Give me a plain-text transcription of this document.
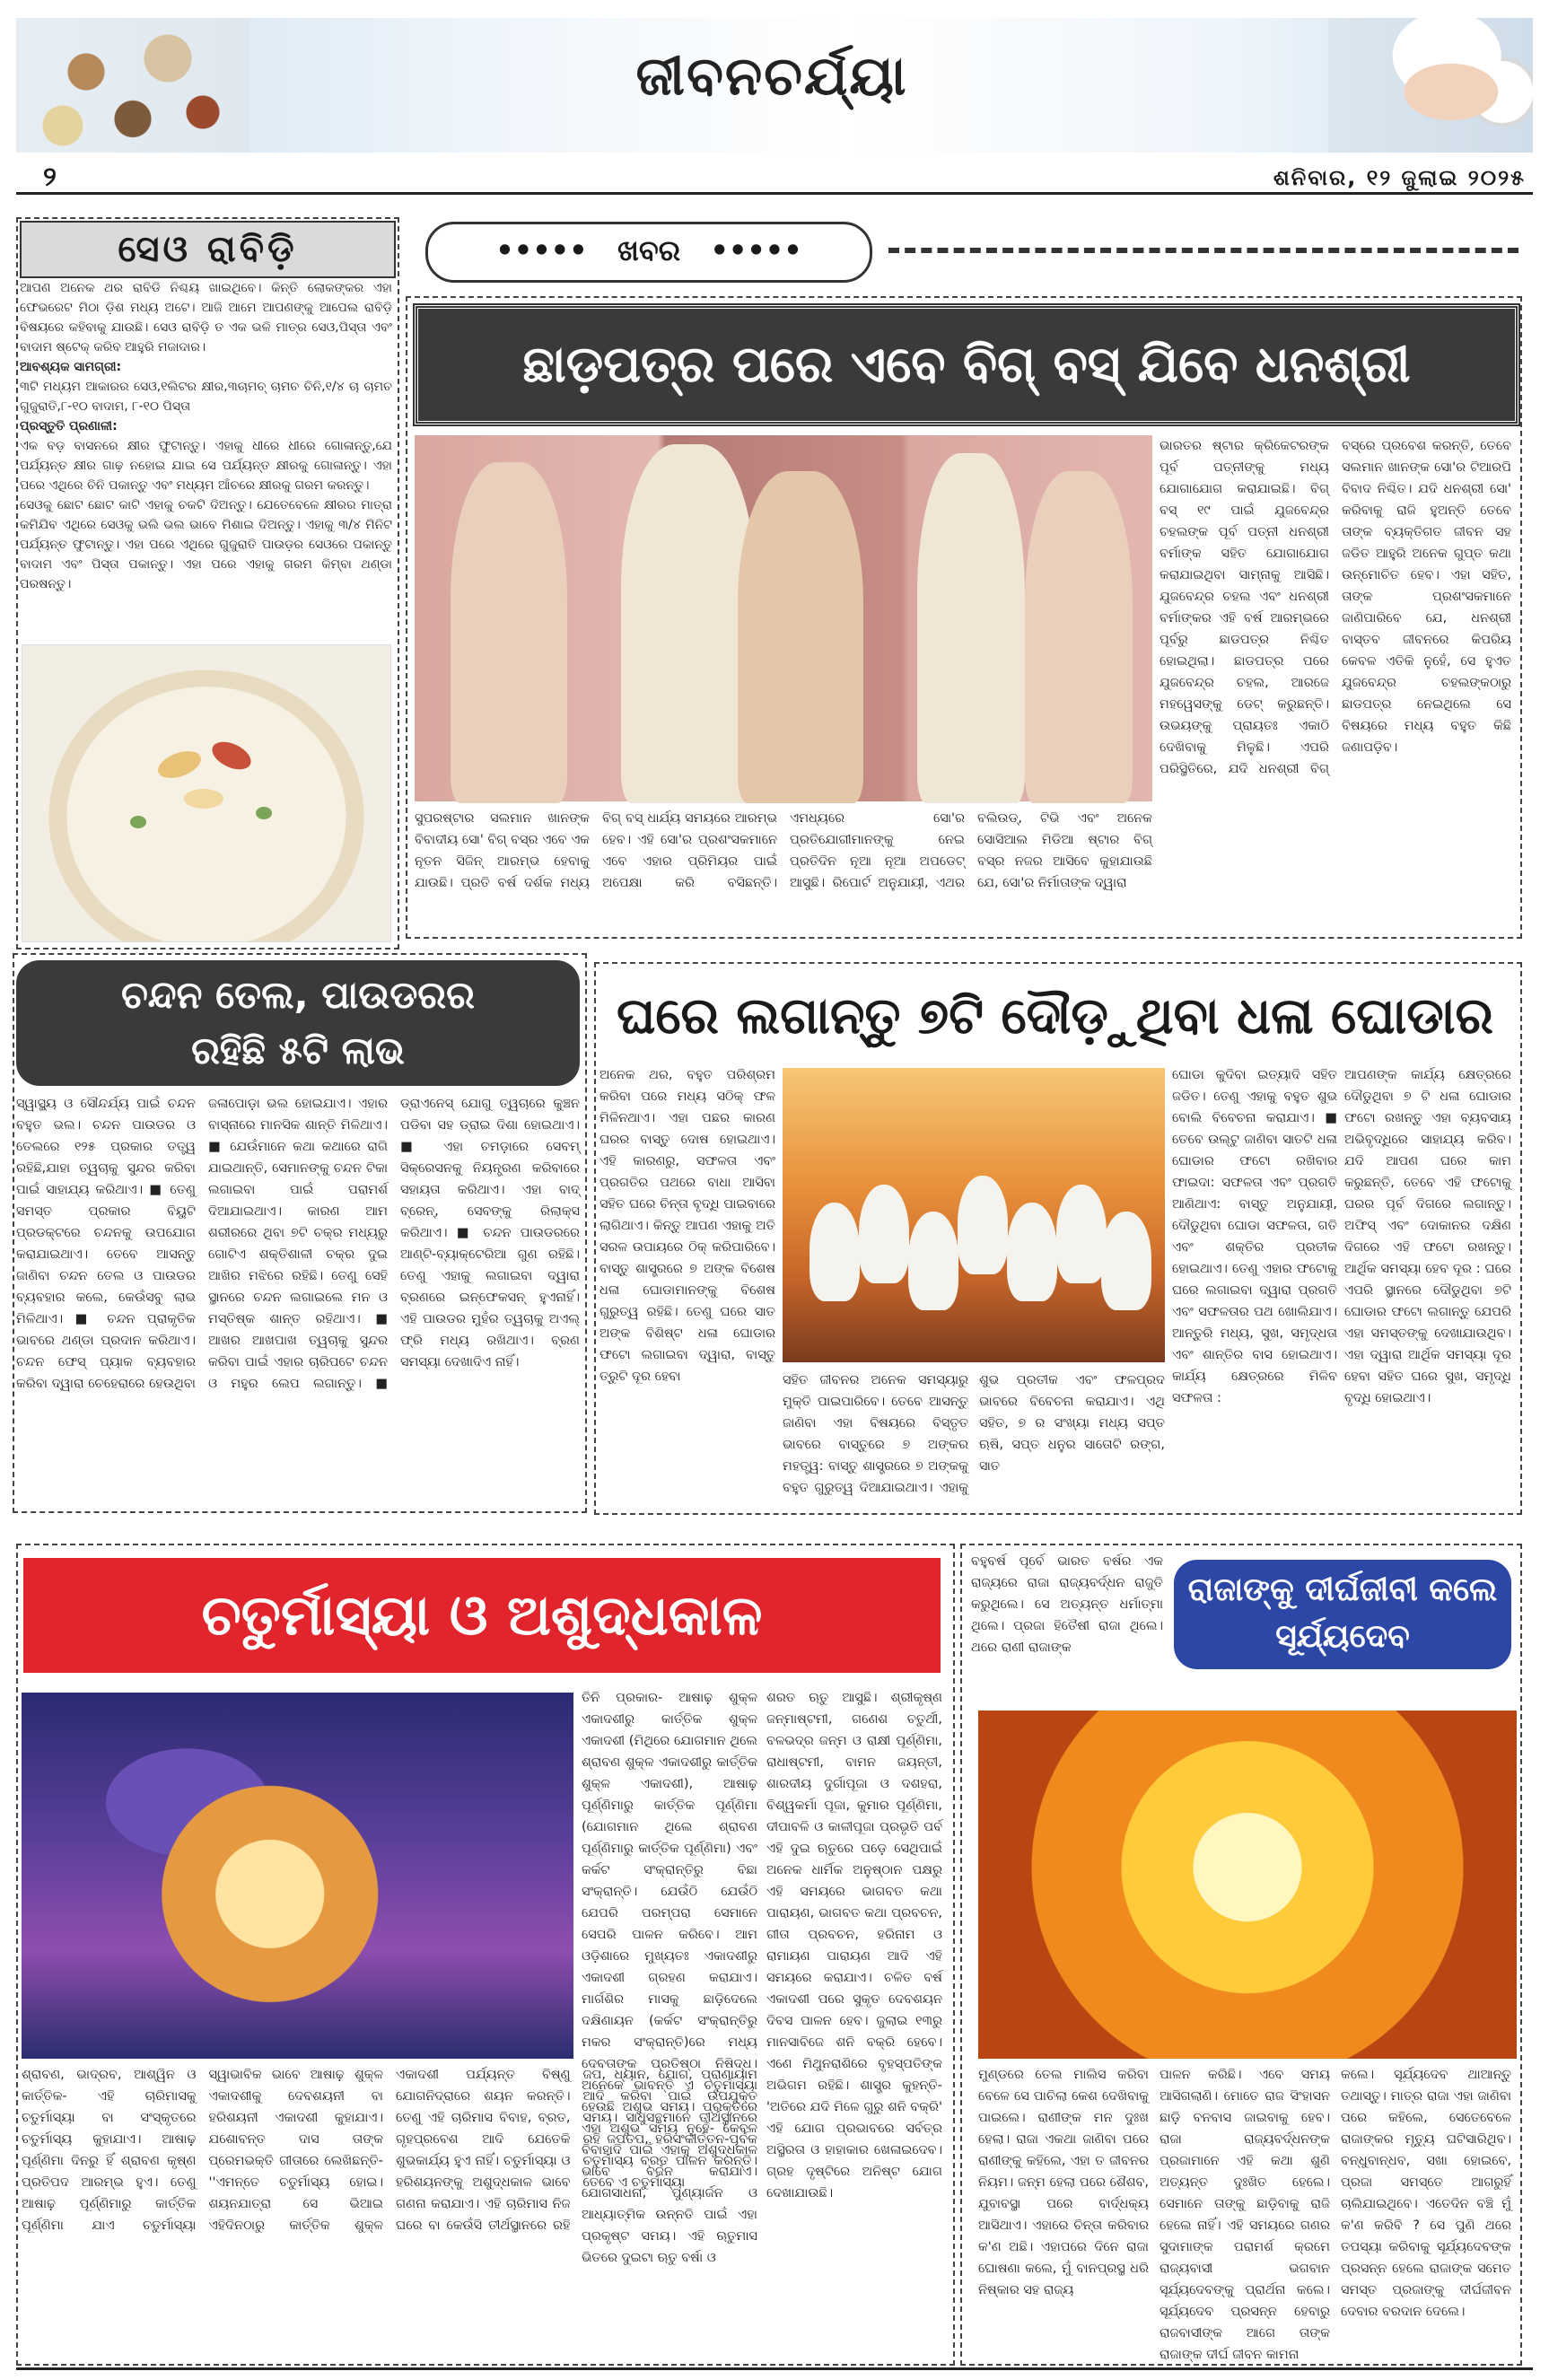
ଜୀବନଚର୍ଯ୍ୟା
୨	ଶନିବାର, ୧୨ ଜୁଲାଇ ୨୦୨୫
ସେଓ ରାବିଡ଼ି

ଆପଣ ଅନେକ ଥର ରାବିଡି ନିଶ୍ଚୟ ଖାଇଥିବେ। କିନ୍ତି ଲୋକଙ୍କର ଏହା ଫେଭରେଟ ମିଠା ଡ଼ିଶ ମଧ୍ୟ ଅଟେ। ଆଜି ଆମେ ଆପଣଙ୍କୁ ଆପେଲ ରାବିଡ଼ି ବିଷୟରେ କହିବାକୁ ଯାଉଛି। ସେଓ ରାବିଡ଼ି ତ ଏକ ଭଳି ମାତ୍ର ସେଓ,ପିସ୍ତା ଏବଂ ବାଦାମ ଷ୍ଟେକ୍ କରିବ ଆହୁରି ମଜାଦାର।

ଆବଶ୍ୟକ ସାମଗ୍ରୀ:

୩ଟି ମଧ୍ୟମ ଆକାରର ସେଓ,୧ଲିଟର କ୍ଷୀର,୩ଚାମଚ୍ ଚାମଚ ଚିନି,୧/୪ ଚା ଚାମଚ ଗୁଜୁରାତି,୮-୧୦ ବାଦାମ, ୮-୧୦ ପିସ୍ତା

ପ୍ରସ୍ତୁତି ପ୍ରଣାଳୀ:

ଏକ ବଡ଼ ବାସନରେ କ୍ଷୀର ଫୁଟାନ୍ତୁ। ଏହାକୁ ଧୀରେ ଧୀରେ ଗୋଳାନ୍ତୁ,ଯେ ପର୍ଯ୍ୟନ୍ତ କ୍ଷୀର ଗାଢ଼ ନହୋଇ ଯାଇ ସେ ପର୍ଯ୍ୟନ୍ତ କ୍ଷୀରକୁ ଗୋଳାନ୍ତୁ। ଏହା ପରେ ଏଥିରେ ଚିନି ପକାନ୍ତୁ ଏବଂ ମଧ୍ୟମ ଆଁଚରେ କ୍ଷୀରକୁ ଗରମ କରନ୍ତୁ।

ସେଓକୁ ଛୋଟ ଛୋଟ କାଟି ଏହାକୁ ଚକଟି ଦିଅନ୍ତୁ। ଯେତେବେଳେ କ୍ଷୀରର ମାତ୍ରା କମିଯିବ ଏଥିରେ ସେଓକୁ ଭଲି ଭଲ ଭାବେ ମିଶାଇ ଦିଅନ୍ତୁ। ଏହାକୁ ୩/୪ ମିନିଟ ପର୍ଯ୍ୟନ୍ତ ଫୁଟାନ୍ତୁ। ଏହା ପରେ ଏଥିରେ ଗୁଜୁରାତି ପାଉଡ଼ର ସେଓରେ ପକାନ୍ତୁ ବାଦାମ ଏବଂ ପିସ୍ତା ପକାନ୍ତୁ। ଏହା ପରେ ଏହାକୁ ଗରମ କିମ୍ବା ଥଣ୍ଡା ପରଷନ୍ତୁ।

••••• ଖବର •••••
ଛାଡ଼ପତ୍ର ପରେ ଏବେ ବିଗ୍ ବସ୍ ଯିବେ ଧନଶ୍ରୀ
ସୁପରଷ୍ଟାର ସଲମାନ ଖାନଙ୍କ ବିବାଦୀୟ ସୋ' ବିଗ୍ ବସ୍‌ର ଏବେ ଏକ ନୂତନ ସିଜିନ୍ ଆରମ୍ଭ ହେବାକୁ ଯାଉଛି। ପ୍ରତି ବର୍ଷ ଦର୍ଶକ ମଧ୍ୟ ବିଗ୍ ବସ୍ ଧାର୍ଯ୍ୟ ସମୟରେ ଆରମ୍ଭ ହେବ। ଏହି ସୋ'ର ପ୍ରଶଂସକମାନେ ଏବେ ଏହାର ପ୍ରିମିୟର ପାଇଁ ଅପେକ୍ଷା କରି ବସିଛନ୍ତି। ଏମଧ୍ୟରେ ସୋ'ର ପ୍ରତିଯୋଗୀମାନଙ୍କୁ ନେଇ ପ୍ରତିଦିନ ନୂଆ ନୂଆ ଅପଡେଟ୍ ଆସୁଛି। ରିପୋର୍ଟ ଅନୁଯାୟୀ, ଏଥର ବଲିଉଡ୍, ଟିଭି ଏବଂ ଅନେକ ସୋସିଆଲ ମିଡିଆ ଷ୍ଟାର ବିଗ୍ ବସ୍‌ର ନଜର ଆସିବେ କୁହାଯାଉଛି ଯେ, ସୋ'ର ନିର୍ମାତାଙ୍କ ଦ୍ୱାରା
ଭାରତର ଷ୍ଟାର କ୍ରିକେଟରଙ୍କ ପୂର୍ବ ପତ୍ନୀଙ୍କୁ ମଧ୍ୟ ଯୋଗାଯୋଗ କରାଯାଇଛି। ବିଗ୍ ବସ୍ ୧୯ ପାଇଁ ଯୁଜବେନ୍ଦ୍ର ଚହଲଙ୍କ ପୂର୍ବ ପତ୍ନୀ ଧନଶ୍ରୀ ବର୍ମାଙ୍କ ସହିତ ଯୋଗାଯୋଗ କରାଯାଇଥିବା ସାମ୍ନାକୁ ଆସିଛି। ଯୁଜବେନ୍ଦ୍ର ଚହଲ ଏବଂ ଧନଶ୍ରୀ ବର୍ମାଙ୍କର ଏହି ବର୍ଷ ଆରମ୍ଭରେ ପୂର୍ବରୁ ଛାଡପତ୍ର ନିଶ୍ଚିତ ହୋଇଥିଲା। ଛାଡପତ୍ର ପରେ ଯୁଜବେନ୍ଦ୍ର ଚହଲ, ଆରଜେ ମହୱେସଙ୍କୁ ଡେଟ୍ କରୁଛନ୍ତି। ଉଭୟଙ୍କୁ ପ୍ରାୟତଃ ଏକାଠି ଦେଖିବାକୁ ମିଳୁଛି। ଏପରି ପରିସ୍ଥିତିରେ, ଯଦି ଧନଶ୍ରୀ ବିଗ୍ ବସ୍‌ରେ ପ୍ରବେଶ କରନ୍ତି, ତେବେ ସଲମାନ ଖାନଙ୍କ ସୋ'ର ଟିଆରପି ବିବାଦ ନିଶ୍ଚିତ। ଯଦି ଧନଶ୍ରୀ ସୋ' କରିବାକୁ ରାଜି ହୁଅନ୍ତି ତେବେ ତାଙ୍କ ବ୍ୟକ୍ତିଗତ ଜୀବନ ସହ ଜଡିତ ଆହୁରି ଅନେକ ଗୁପ୍ତ କଥା ଉନ୍ମୋଚିତ ହେବ। ଏହା ସହିତ, ତାଙ୍କ ପ୍ରଶଂସକମାନେ ଜାଣିପାରିବେ ଯେ, ଧନଶ୍ରୀ ବାସ୍ତବ ଜୀବନରେ କିପରିୟ କେବଳ ଏତିକି ନୁହେଁ, ସେ ହୁଏତ ଯୁଜବେନ୍ଦ୍ର ଚହଲଙ୍କଠାରୁ ଛାଡପତ୍ର ନେଇଥିଲେ ସେ ବିଷୟରେ ମଧ୍ୟ ବହୁତ କିଛି ଜଣାପଡ଼ିବ।
ଚନ୍ଦନ ତେଲ, ପାଉଡରର
ରହିଛି ୫ଟି ଲାଭ
ସ୍ୱାସ୍ଥ୍ୟ ଓ ସୌନ୍ଦର୍ଯ୍ୟ ପାଇଁ ଚନ୍ଦନ ବହୁତ ଭଲ। ଚନ୍ଦନ ପାଉଡର ଓ ତେଲରେ ୧୨୫ ପ୍ରକାର ତତ୍ତ୍ୱ ରହିଛି,ଯାହା ତ୍ୱଚାକୁ ସୁନ୍ଦର କରିବା ପାଇଁ ସାହାଯ୍ୟ କରିଥାଏ। ■ ତେଣୁ ସମସ୍ତ ପ୍ରକାର ବିୟୁଟି ପ୍ରଡକ୍ଟରେ ଚନ୍ଦନକୁ ଉପଯୋଗ କରାଯାଇଥାଏ। ତେବେ ଆସନ୍ତୁ ଜାଣିବା ଚନ୍ଦନ ତେଲ ଓ ପାଉଡର ବ୍ୟବହାର କଲେ, କେଉଁସବୁ ଲାଭ ମିଳିଥାଏ। ■ ଚନ୍ଦନ ପ୍ରାକୃତିକ ଭାବରେ ଥଣ୍ଡା ପ୍ରଦାନ କରିଥାଏ। ଚନ୍ଦନ ଫେସ୍ ପ୍ୟାକ ବ୍ୟବହାର କରିବା ଦ୍ୱାରା ଚେହେରାରେ ହେଉଥିବା ଜଳାପୋଡ଼ା ଭଲ ହୋଇଯାଏ। ଏହାର ବାସ୍ନାରେ ମାନସିକ ଶାନ୍ତି ମିଳିଥାଏ। ■ ଯେଉଁମାନେ କଥା କଥାରେ ରାଗି ଯାଇଥାନ୍ତି, ସେମାନଙ୍କୁ ଚନ୍ଦନ ଟିକା ଲଗାଇବା ପାଇଁ ପରାମର୍ଶ ଦିଆଯାଇଥାଏ। କାରଣ ଆମ ଶରୀରରେ ଥିବା ୭ଟି ଚକ୍ର ମଧ୍ୟରୁ ଗୋଟିଏ ଶକ୍ତିଶାଳୀ ଚକ୍ର ଦୁଇ ଆଖିର ମଝିରେ ରହିଛି। ତେଣୁ ସେହି ସ୍ଥାନରେ ଚନ୍ଦନ ଲଗାଇଲେ ମନ ଓ ମସ୍ତିଷ୍କ ଶାନ୍ତ ରହିଥାଏ। ■ ଆଖର ଆଖପାଖ ତ୍ୱଚାକୁ ସୁନ୍ଦର କରିବା ପାଇଁ ଏହାର ଚାରିପଟେ ଚନ୍ଦନ ଓ ମହୁର ଲେପ ଲଗାନ୍ତୁ। ■ ଡ୍ରାଏନେସ୍ ଯୋଗୁ ତ୍ୱଚାରେ କୁଞ୍ଚନ ପଡିବା ସହ ଡ୍ରାଇ ଦିଶା ହୋଇଥାଏ। ■ ଏହା ଚମଡ଼ାରେ ସେବମ୍ ସିକ୍ରେସନକୁ ନିୟନ୍ତ୍ରଣ କରିବାରେ ସହାୟତା କରିଥାଏ। ଏହା ବାଦ୍ ବ୍ରେନ୍, ସେବଙ୍କୁ ରିଲାକ୍ସ କରିଥାଏ। ■ ଚନ୍ଦନ ପାଉଡରରେ ଆଣ୍ଟି-ବ୍ୟାକ୍ଟେରିଆ ଗୁଣ ରହିଛି। ତେଣୁ ଏହାକୁ ଲଗାଇବା ଦ୍ୱାରା ବ୍ରଣରେ ଇନ୍ଫେକସନ୍ ହୁଏନାହିଁ। ଏହି ପାଉଡର ମୁହଁର ତ୍ୱଚାକୁ ଅଏଲ୍ ଫ୍ରି ମଧ୍ୟ ରଖିଥାଏ। ବ୍ରଣ ସମସ୍ୟା ଦେଖାଦିଏ ନାହିଁ।
ଘରେ ଲଗାନ୍ତୁ ୭ଟି ଦୌଡ଼ୁଥିବା ଧଳା ଘୋଡାର
ଅନେକ ଥର, ବହୁତ ପରିଶ୍ରମ କରିବା ପରେ ମଧ୍ୟ ସଠିକ୍ ଫଳ ମିଳିନଥାଏ। ଏହା ପଛର କାରଣ ଘରର ବାସ୍ତୁ ଦୋଷ ହୋଇଥାଏ। ଏହି କାରଣରୁ, ସଫଳତା ଏବଂ ପ୍ରଗତିର ପଥରେ ବାଧା ଆସିବା ସହିତ ଘରେ ଚିନ୍ତା ବୃଦ୍ଧି ପାଇବାରେ ଲାଗିଥାଏ। କିନ୍ତୁ ଆପଣ ଏହାକୁ ଅତି ସରଳ ଉପାୟରେ ଠିକ୍ କରିପାରିବେ। ବାସ୍ତୁ ଶାସ୍ତ୍ରରେ ୭ ଅଙ୍କ ବିଶେଷ ଧଳା ଘୋଡାମାନଙ୍କୁ ବିଶେଷ ଗୁରୁତ୍ୱ ରହିଛି। ତେଣୁ ଘରେ ସାତ ଅଙ୍କ ବିଶିଷ୍ଟ ଧଳା ଘୋଡାର ଫଟୋ ଲଗାଇବା ଦ୍ୱାରା, ବାସ୍ତୁ ତ୍ରୁଟି ଦୂର ହେବା	ସହିତ ଜୀବନର ଅନେକ ସମସ୍ୟାରୁ ମୁକ୍ତି ପାଇପାରିବେ। ତେବେ ଆସନ୍ତୁ ଜାଣିବା ଏହା ବିଷୟରେ ବିସ୍ତୃତ ଭାବରେ ବାସ୍ତୁରେ ୭ ଅଙ୍କର ମହତ୍ତ୍ୱ: ବାସ୍ତୁ ଶାସ୍ତ୍ରରେ ୭ ଅଙ୍କକୁ ବହୁତ ଗୁରୁତ୍ୱ ଦିଆଯାଇଥାଏ। ଏହାକୁ ଶୁଭ ପ୍ରତୀକ ଏବଂ ଫଳପ୍ରଦ ଭାବରେ ବିବେଚନା କରାଯାଏ। ଏଥି ସହିତ, ୭ ର ସଂଖ୍ୟା ମଧ୍ୟ ସପ୍ତ ଋଷି, ସପ୍ତ ଧନୁର ସାତୋଟି ରଙ୍ଗ, ସାତ
ଘୋଡା କୁଦିବା ଇତ୍ୟାଦି ସହିତ ଜଡିତ। ତେଣୁ ଏହାକୁ ବହୁତ ଶୁଭ ବୋଲି ବିବେଚନା କରାଯାଏ। ■ ତେବେ ଉଲ୍ଟୁ ଜାଣିବା ସାତଟି ଧଳା ଘୋଡାର ଫଟୋ ରଖିବାର ଫାଇଦା: ସଫଳତା ଏବଂ ପ୍ରଗତି ଆଣିଥାଏ: ବାସ୍ତୁ ଅନୁଯାୟୀ, ଦୌଡୁଥିବା ଘୋଡା ସଫଳତା, ଗତି ଏବଂ ଶକ୍ତିର ପ୍ରତୀକ ହୋଇଥାଏ। ତେଣୁ ଏହାର ଫଟୋକୁ ଘରେ ଲଗାଇବା ଦ୍ୱାରା ପ୍ରଗତି ଏବଂ ସଫଳତାର ପଥ ଖୋଲିଯାଏ। ଆନ୍ତୁରି ମଧ୍ୟ, ସୁଖ, ସମୃଦ୍ଧତା ଏବଂ ଶାନ୍ତିର ବାସ ହୋଇଥାଏ। କାର୍ଯ୍ୟ କ୍ଷେତ୍ରରେ ମିଳିବ ସଫଳତା :
ଆପଣଙ୍କ କାର୍ଯ୍ୟ କ୍ଷେତ୍ରରେ ଦୌଡୁଥିବା ୭ ଟି ଧଳା ଘୋଡାର ଫଟୋ ରଖନ୍ତୁ ଏହା ବ୍ୟବସାୟ ଅଭିବୃଦ୍ଧିରେ ସାହାଯ୍ୟ କରିବ। ଯଦି ଆପଣ ଘରେ କାମ କରୁଛନ୍ତି, ତେବେ ଏହି ଫଟୋକୁ ଘରର ପୂର୍ବ ଦିଗରେ ଲଗାନ୍ତୁ। ଅଫିସ୍ ଏବଂ ଦୋକାନର ଦକ୍ଷିଣ ଦିଗରେ ଏହି ଫଟୋ ରଖନ୍ତୁ। ଆର୍ଥିକ ସମସ୍ୟା ହେବ ଦୂର : ଘରେ ଏପରି ସ୍ଥାନରେ ଦୌଡୁଥିବା ୭ଟି ଘୋଡାର ଫଟୋ ଲଗାନ୍ତୁ ଯେପରି ଏହା ସମସ୍ତଙ୍କୁ ଦେଖାଯାଉଥିବ। ଏହା ଦ୍ୱାରା ଆର୍ଥିକ ସମସ୍ୟା ଦୂର ହେବା ସହିତ ଘରେ ସୁଖ, ସମୃଦ୍ଧି ବୃଦ୍ଧି ହୋଇଥାଏ।
ଚତୁର୍ମାସ୍ୟା ଓ ଅଶୁଦ୍ଧକାଳ
ତିନି ପ୍ରକାର- ଆଷାଢ଼ ଶୁକ୍ଳ ଏକାଦଶୀରୁ କାର୍ତ୍ତିକ ଶୁକ୍ଳ ଏକାଦଶୀ (ମିଥିରେ ଯୋଗମାନ ଥିଲେ ଶ୍ରାବଣ ଶୁକ୍ଳ ଏକାଦଶୀରୁ କାର୍ତ୍ତିକ ଶୁକ୍ଳ ଏକାଦଶୀ), ଆଷାଢ଼ ପୂର୍ଣ୍ଣିମାରୁ କାର୍ତ୍ତିକ ପୂର୍ଣ୍ଣିମା (ଯୋଗମାନ ଥିଲେ ଶ୍ରାବଣ ପୂର୍ଣ୍ଣିମାରୁ କାର୍ତ୍ତିକ ପୂର୍ଣ୍ଣିମା) ଏବଂ କର୍କଟ ସଂକ୍ରାନ୍ତିରୁ ବିଛା ସଂକ୍ରାନ୍ତି। ଯେଉଁଠି ଯେଉଁଠି ଯେପରି ପରମ୍ପରା ସେମାନେ ସେପରି ପାଳନ କରିବେ। ଆମ ଓଡ଼ିଶାରେ ମୁଖ୍ୟତଃ ଏକାଦଶୀରୁ ଏକାଦଶୀ ଗ୍ରହଣ କରାଯାଏ। ମାର୍ଗଶିର ମାସକୁ ଛାଡ଼ିଦେଲେ ଦକ୍ଷିଣାୟନ (କର୍କଟ ସଂକ୍ରାନ୍ତିରୁ ମକର ସଂକ୍ରାନ୍ତି)ରେ ମଧ୍ୟ ଦେବତାଙ୍କ ପ୍ରତିଷ୍ଠା ନିଷିଦ୍ଧ। ଅନେକେ ଭାବନ୍ତି ଏ ଚତୁର୍ମାସ୍ୟା ହେଉଛି ଅଶୁଭ ସମୟ। ପ୍ରକୃତରେ ଏହା ଅଶୁଭ ସମୟ ନୁହେଁ- କେବଳ ବିବାହାଦି ପାଇଁ ଏହାକୁ ଅଶୁଦ୍ଧକାଳ ଭାବେ ବର୍ଜନ କରାଯାଏ। ଯୋଗସାଧନା, ପୁଣ୍ୟାର୍ଜନ ଓ ଆଧ୍ୟାତ୍ମିକ ଉନ୍ନତି ପାଇଁ ଏହା ପ୍ରକୃଷ୍ଟ ସମୟ। ଏହି ଋତୁମାସ ଭିତରେ ଦୁଇଟା ଋତୁ ବର୍ଷା ଓ
ଶରତ ଋତୁ ଆସୁଛି। ଶ୍ରୀକୃଷ୍ଣ ଜନ୍ମାଷ୍ଟମୀ, ଗଣେଶ ଚତୁର୍ଥୀ, ବଳଭଦ୍ର ଜନ୍ମ ଓ ରାକ୍ଷୀ ପୂର୍ଣ୍ଣିମା, ରାଧାଷ୍ଟମୀ, ବାମନ ଜୟନ୍ତୀ, ଶାରଦୀୟ ଦୁର୍ଗାପୂଜା ଓ ଦଶହରା, ବିଶ୍ୱକର୍ମା ପୂଜା, କୁମାର ପୂର୍ଣ୍ଣିମା, ଦୀପାବଳି ଓ କାଳୀପୂଜା ପ୍ରଭୃତି ପର୍ବ ଏହି ଦୁଇ ଋତୁରେ ପଡ଼େ ସେଥିପାଇଁ ଅନେକ ଧାର୍ମିକ ଅନୁଷ୍ଠାନ ପକ୍ଷରୁ ଏହି ସମୟରେ ଭାଗବତ କଥା ପାରାୟଣ, ଭାଗବତ କଥା ପ୍ରବଚନ, ଗୀତା ପ୍ରବଚନ, ହରିନାମ ଓ ରାମାୟଣ ପାରାୟଣ ଆଦି ଏହି ସମୟରେ କରାଯାଏ। ଚଳିତ ବର୍ଷ ଏକାଦଶୀ ପରେ ସୁକୃତ ଦେବଶୟନ ଦିବସ ପାଳନ ହେବ। ଜୁଲାଇ ୧୩ରୁ ମାନସାବିଜେ ଶନି ବକ୍ରି ହେବେ। ଏଣେ ମିଥୁନରାଶିରେ ବୃହସ୍ପତିଙ୍କ ଅଭିଗମ ରହିଛି। ଶାସ୍ତ୍ର କୁହନ୍ତି- 'ଅତିରେ ଯଦି ମିଳେ ଗୁରୁ ଶନି ବକ୍ରି' ଏହି ଯୋଗ ପ୍ରଭାବରେ ସର୍ବତ୍ର ଅସ୍ଥିରତା ଓ ହାହାକାର ଖେଳାଇଦେବ। ଗ୍ରହ ଦୃଷ୍ଟିରେ ଅନିଷ୍ଟ ଯୋଗ ଦେଖାଯାଉଛି।
ଶ୍ରାବଣ, ଭାଦ୍ରବ, ଆଶ୍ୱିନ ଓ କାର୍ତ୍ତିକ- ଏହି ଚାରିମାସକୁ ଚତୁର୍ମାସ୍ୟା ବା ସଂସ୍କୃତରେ ଚତୁର୍ମାସ୍ୟ କୁହାଯାଏ। ଆଷାଢ଼ ପୂର୍ଣ୍ଣିମା ଦିନରୁ ହିଁ ଶ୍ରାବଣ କୃଷ୍ଣ ପ୍ରତିପଦ ଆରମ୍ଭ ହୁଏ। ତେଣୁ ଆଷାଢ଼ ପୂର୍ଣ୍ଣିମାରୁ କାର୍ତ୍ତିକ ପୂର୍ଣ୍ଣିମା ଯାଏ ଚତୁର୍ମାସ୍ୟା ସ୍ୱାଭାବିକ ଭାବେ ଆଷାଢ଼ ଶୁକ୍ଳ ଏକାଦଶୀକୁ ଦେବଶୟନୀ ବା ହରିଶୟନୀ ଏକାଦଶୀ କୁହାଯାଏ। ଯଶୋବନ୍ତ ଦାସ ତାଙ୍କ ପ୍ରେମଭକ୍ତି ଗୀତାରେ ଲେଖିଛନ୍ତି- ''ଏମନ୍ତେ ଚତୁର୍ମାସ୍ୟ ହୋଇ। ଶୟନଯାତ୍ରା ସେ ଭିଆଇ ଏହିଦିନଠାରୁ କାର୍ତ୍ତିକ ଶୁକ୍ଳ ଏକାଦଶୀ ପର୍ଯ୍ୟନ୍ତ ବିଷ୍ଣୁ ଯୋଗନିଦ୍ରାରେ ଶୟନ କରନ୍ତି। ତେଣୁ ଏହି ଚାରିମାସ ବିବାହ, ବ୍ରତ, ଗୃହପ୍ରବେଶ ଆଦି ଯେତେକି ଶୁଭକାର୍ଯ୍ୟ ହୁଏ ନାହିଁ। ଚତୁର୍ମାସ୍ୟା ଓ ହରିଶୟନଙ୍କୁ ଅଶୁଦ୍ଧକାଳ ଭାବେ ଗଣନା କରାଯାଏ। ଏହି ଚାରିମାସ ନିଜ ଘରେ ବା କେଉଁସି ତୀର୍ଥସ୍ଥାନରେ ରହି ଜପ, ଧ୍ୟାନ, ଯୋଗ, ପ୍ରାଣାୟାମ ଆଦି କରିବା ପାଇଁ ଉପଯୁକ୍ତ ସମୟ। ସାଧୁସନ୍ଥମାନେ ତୀର୍ଥସ୍ଥାନରେ ରହି ଜପତପ, ହରିସଂକୀର୍ତ୍ତନ-ପୂର୍ବକ ଚତୁର୍ମାସ୍ୟ ବ୍ରତ ପାଳନ କରନ୍ତି। ତେବେ ଏ ଚତୁର୍ମାସ୍ୟା
ବହୁବର୍ଷ ପୂର୍ବେ ଭାରତ ବର୍ଷର ଏକ ରାଜ୍ୟରେ ରାଜା ରାଜ୍ୟବର୍ଦ୍ଧନ ରାଜୁତି କରୁଥିଲେ। ସେ ଅତ୍ୟନ୍ତ ଧର୍ମାତ୍ମା ଥିଲେ। ପ୍ରଜା ହିତୈଷୀ ରାଜା ଥିଲେ। ଥରେ ରାଣୀ ରାଜାଙ୍କ
ରାଜାଙ୍କୁ ଦୀର୍ଘଜୀବୀ କଲେ
ସୂର୍ଯ୍ୟଦେବ
ମୁଣ୍ଡରେ ତେଲ ମାଲିସ କରିବା ବେଳେ ସେ ପାଚିଲା କେଶ ଦେଖିବାକୁ ପାଇଲେ। ରାଣୀଙ୍କ ମନ ଦୁଃଖ ହେଲା। ରାଜା ଏକଥା ଜାଣିବା ପରେ ରାଣୀଙ୍କୁ କହିଲେ, ଏହା ତ ଜୀବନର ନିୟମ। ଜନ୍ମ ହେଲା ପରେ ଶୈଶବ, ଯୁବାବସ୍ଥା ପରେ ବାର୍ଦ୍ଧକ୍ୟ ଆସିଥାଏ। ଏହାରେ ଚିନ୍ତା କରିବାର କ'ଣ ଅଛି। ଏହାପରେ ଦିନେ ରାଜା ଘୋଷଣା କଲେ, ମୁଁ ବାନପ୍ରସ୍ଥ ଧରି ନିଷ୍କାର ସହ ରାଜ୍ୟ
ପାଳନ କରିଛି। ଏବେ ସମୟ ଆସିଗଲାଣି। ମୋତେ ରାଜ ସିଂହାସନ ଛାଡ଼ି ବନବାସ ଜାଇବାକୁ ହେବ। ରାଜା ରାଜ୍ୟବର୍ଦ୍ଧନଙ୍କ ପ୍ରଜାମାନେ ଏହି କଥା ଶୁଣି ଅତ୍ୟନ୍ତ ଦୁଃଖିତ ହେଲେ। ସେମାନେ ତାଙ୍କୁ ଛାଡ଼ିବାକୁ ରାଜି ହେଲେ ନାହିଁ। ଏହି ସମୟରେ ଗଣର ସୁଦାମାଙ୍କ ପରାମର୍ଶ କ୍ରମେ ରାଜ୍ୟବାସୀ ଭଗବାନ ସୂର୍ଯ୍ୟଦେବଙ୍କୁ ପ୍ରାର୍ଥନା କଲେ। ସୂର୍ଯ୍ୟଦେବ ପ୍ରସନ୍ନ ହେବାରୁ ରାଜବାସୀଙ୍କ ଆଗେ ତାଙ୍କ ରାଜାଙ୍କ ଦୀର୍ଘ ଜୀବନ କାମନା
କଲେ। ସୂର୍ଯ୍ୟଦେବ ଥାଆନ୍ତୁ ତଥାସ୍ତୁ। ମାତ୍ର ରାଜା ଏହା ଜାଣିବା ପରେ କହିଲେ, ସେତେବେଳେ ରାଜାଙ୍କର ମୃତ୍ୟୁ ଘଟିସାରିଥିବ। ବନ୍ଧୁବାନ୍ଧବ, ସଖା ହୋଇବେ, ପ୍ରଜା ସମସ୍ତେ ଆଗରୁହିଁ ଚାଲିଯାଇଥିବେ। ଏତେଦିନ ବଞ୍ଚି ମୁଁ କ'ଣ କରିବି ? ସେ ପୁଣି ଥରେ ତପସ୍ୟା କରିବାକୁ ସୂର୍ଯ୍ୟଦେବଙ୍କ ପ୍ରସନ୍ନ ହେଲେ ରାଜାଙ୍କ ସମେତ ସମସ୍ତ ପ୍ରଜାଙ୍କୁ ଦୀର୍ଘଜୀବନ ଦେବାର ବରଦାନ ଦେଲେ।
